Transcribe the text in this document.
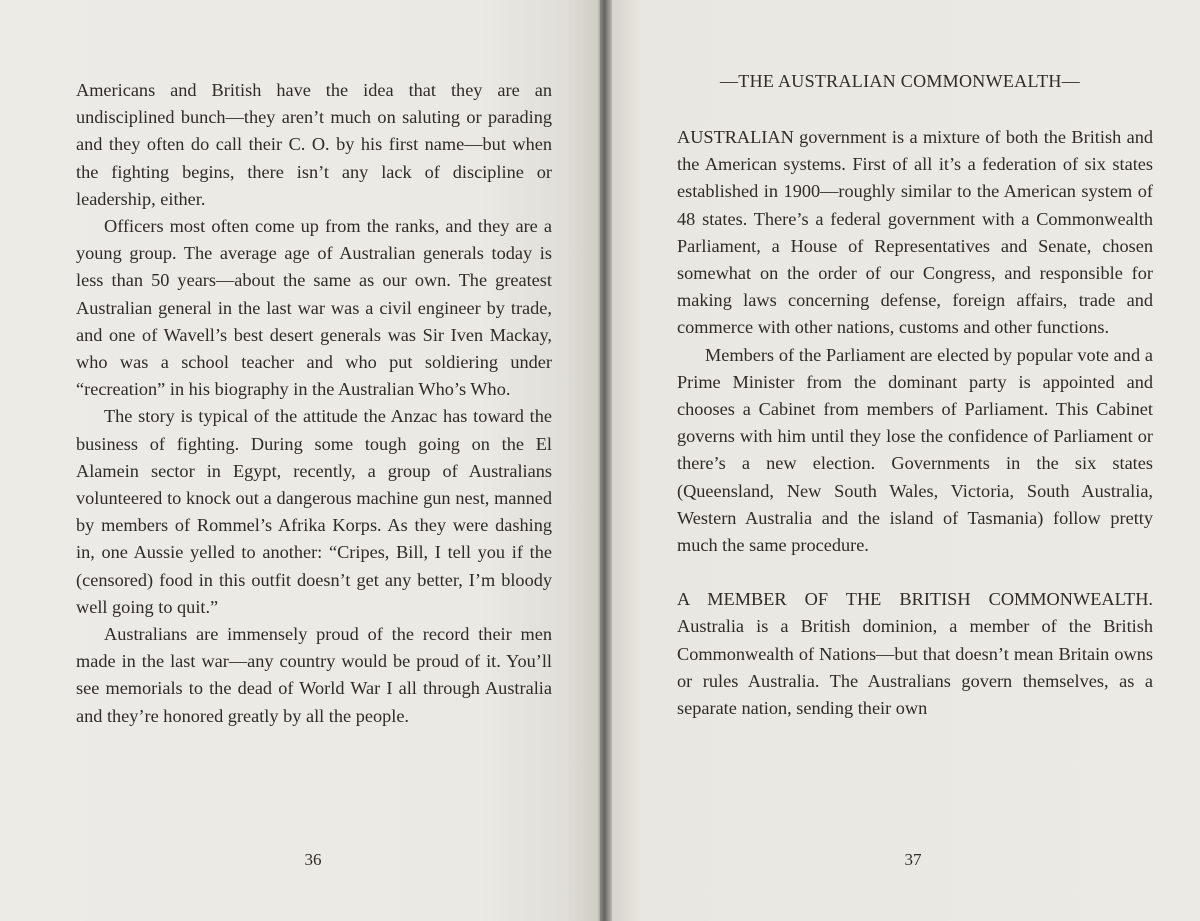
Americans and British have the idea that they are an undisciplined bunch—they aren’t much on saluting or parading and they often do call their C. O. by his first name—but when the fighting begins, there isn’t any lack of discipline or leadership, either.

Officers most often come up from the ranks, and they are a young group. The average age of Australian generals today is less than 50 years—about the same as our own. The greatest Australian general in the last war was a civil engineer by trade, and one of Wavell’s best desert generals was Sir Iven Mackay, who was a school teacher and who put soldiering under “recreation” in his biography in the Australian Who’s Who.

The story is typical of the attitude the Anzac has toward the business of fighting. During some tough going on the El Alamein sector in Egypt, recently, a group of Australians volunteered to knock out a dangerous machine gun nest, manned by members of Rommel’s Afrika Korps. As they were dashing in, one Aussie yelled to another: “Cripes, Bill, I tell you if the (censored) food in this outfit doesn’t get any better, I’m bloody well going to quit.”

Australians are immensely proud of the record their men made in the last war—any country would be proud of it. You’ll see memorials to the dead of World War I all through Australia and they’re honored greatly by all the people.

36
—THE AUSTRALIAN COMMONWEALTH—

AUSTRALIAN government is a mixture of both the British and the American systems. First of all it’s a federation of six states established in 1900—roughly similar to the American system of 48 states. There’s a federal government with a Commonwealth Parliament, a House of Representatives and Senate, chosen somewhat on the order of our Congress, and responsible for making laws concerning defense, foreign affairs, trade and commerce with other nations, customs and other functions.

Members of the Parliament are elected by popular vote and a Prime Minister from the dominant party is appointed and chooses a Cabinet from members of Parliament. This Cabinet governs with him until they lose the confidence of Parliament or there’s a new election. Governments in the six states (Queensland, New South Wales, Victoria, South Australia, Western Australia and the island of Tasmania) follow pretty much the same procedure.

A MEMBER OF THE BRITISH COMMONWEALTH. Australia is a British dominion, a member of the British Commonwealth of Nations—but that doesn’t mean Britain owns or rules Australia. The Australians govern themselves, as a separate nation, sending their own

37
